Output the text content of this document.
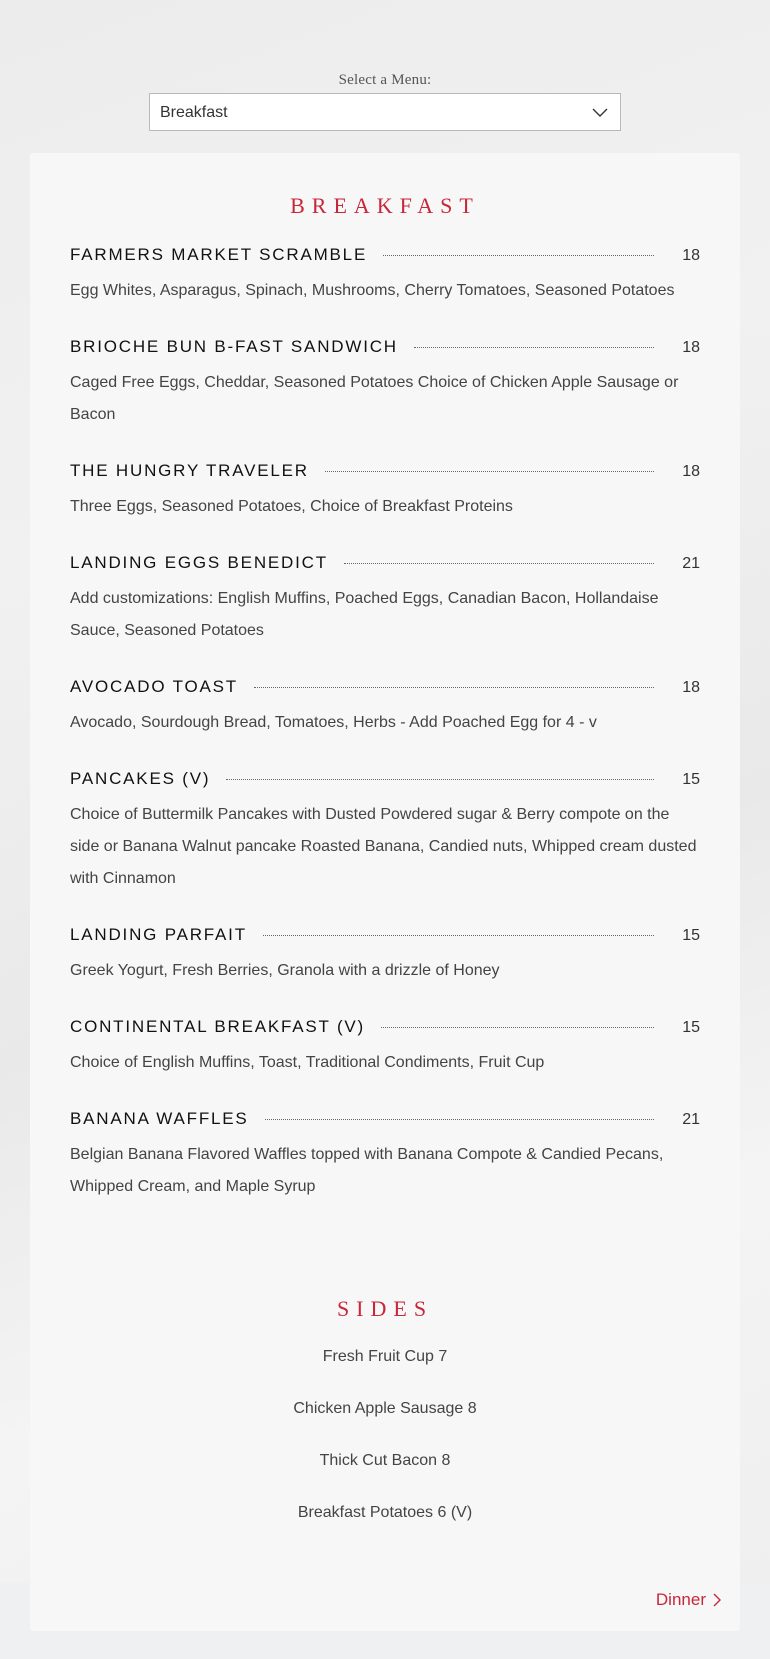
Select a Menu:
Breakfast
BREAKFAST
FARMERS MARKET SCRAMBLE	18
Egg Whites, Asparagus, Spinach, Mushrooms, Cherry Tomatoes, Seasoned Potatoes
BRIOCHE BUN B-FAST SANDWICH	18
Caged Free Eggs, Cheddar, Seasoned Potatoes Choice of Chicken Apple Sausage or Bacon
THE HUNGRY TRAVELER	18
Three Eggs, Seasoned Potatoes, Choice of Breakfast Proteins
LANDING EGGS BENEDICT	21
Add customizations: English Muffins, Poached Eggs, Canadian Bacon, Hollandaise Sauce, Seasoned Potatoes
AVOCADO TOAST	18
Avocado, Sourdough Bread, Tomatoes, Herbs - Add Poached Egg for 4 - v
PANCAKES (V)	15
Choice of Buttermilk Pancakes with Dusted Powdered sugar & Berry compote on the side or Banana Walnut pancake Roasted Banana, Candied nuts, Whipped cream dusted with Cinnamon
LANDING PARFAIT	15
Greek Yogurt, Fresh Berries, Granola with a drizzle of Honey
CONTINENTAL BREAKFAST (V)	15
Choice of English Muffins, Toast, Traditional Condiments, Fruit Cup
BANANA WAFFLES	21
Belgian Banana Flavored Waffles topped with Banana Compote & Candied Pecans, Whipped Cream, and Maple Syrup
SIDES
Fresh Fruit Cup 7
Chicken Apple Sausage 8
Thick Cut Bacon 8
Breakfast Potatoes 6 (V)
Dinner
